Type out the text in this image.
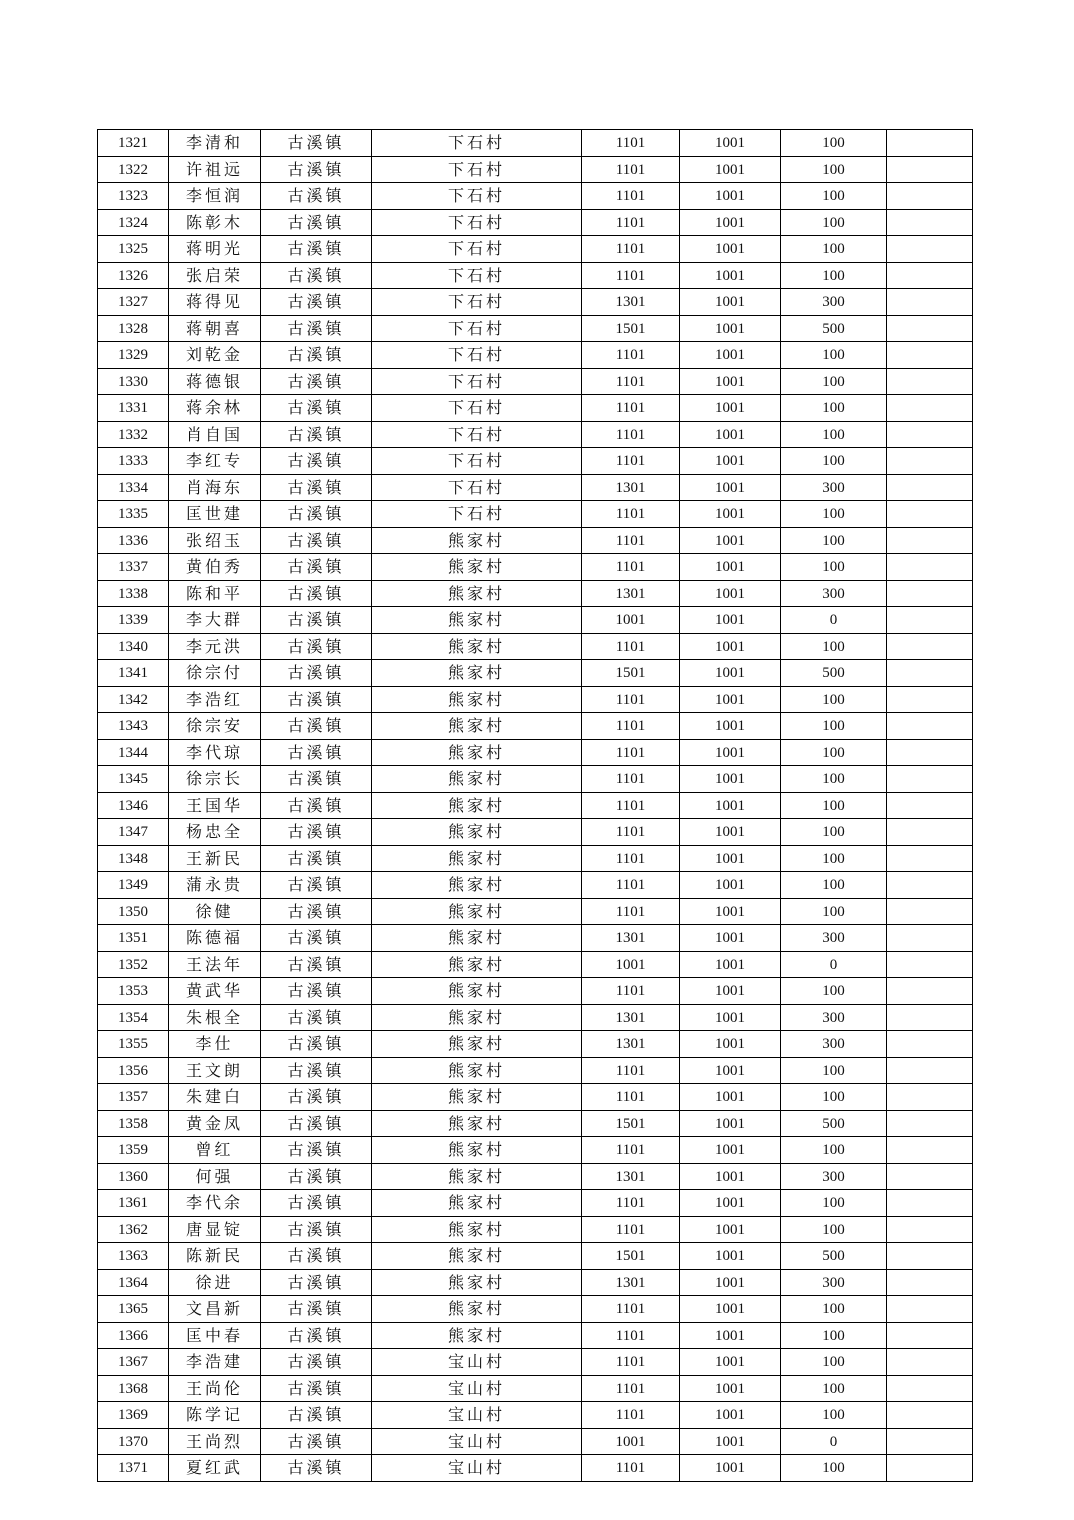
1321	李清和	古溪镇	下石村	1101	1001	100	
1322	许祖远	古溪镇	下石村	1101	1001	100	
1323	李恒润	古溪镇	下石村	1101	1001	100	
1324	陈彰木	古溪镇	下石村	1101	1001	100	
1325	蒋明光	古溪镇	下石村	1101	1001	100	
1326	张启荣	古溪镇	下石村	1101	1001	100	
1327	蒋得见	古溪镇	下石村	1301	1001	300	
1328	蒋朝喜	古溪镇	下石村	1501	1001	500	
1329	刘乾金	古溪镇	下石村	1101	1001	100	
1330	蒋德银	古溪镇	下石村	1101	1001	100	
1331	蒋余林	古溪镇	下石村	1101	1001	100	
1332	肖自国	古溪镇	下石村	1101	1001	100	
1333	李红专	古溪镇	下石村	1101	1001	100	
1334	肖海东	古溪镇	下石村	1301	1001	300	
1335	匡世建	古溪镇	下石村	1101	1001	100	
1336	张绍玉	古溪镇	熊家村	1101	1001	100	
1337	黄伯秀	古溪镇	熊家村	1101	1001	100	
1338	陈和平	古溪镇	熊家村	1301	1001	300	
1339	李大群	古溪镇	熊家村	1001	1001	0	
1340	李元洪	古溪镇	熊家村	1101	1001	100	
1341	徐宗付	古溪镇	熊家村	1501	1001	500	
1342	李浩红	古溪镇	熊家村	1101	1001	100	
1343	徐宗安	古溪镇	熊家村	1101	1001	100	
1344	李代琼	古溪镇	熊家村	1101	1001	100	
1345	徐宗长	古溪镇	熊家村	1101	1001	100	
1346	王国华	古溪镇	熊家村	1101	1001	100	
1347	杨忠全	古溪镇	熊家村	1101	1001	100	
1348	王新民	古溪镇	熊家村	1101	1001	100	
1349	蒲永贵	古溪镇	熊家村	1101	1001	100	
1350	徐健	古溪镇	熊家村	1101	1001	100	
1351	陈德福	古溪镇	熊家村	1301	1001	300	
1352	王法年	古溪镇	熊家村	1001	1001	0	
1353	黄武华	古溪镇	熊家村	1101	1001	100	
1354	朱根全	古溪镇	熊家村	1301	1001	300	
1355	李仕	古溪镇	熊家村	1301	1001	300	
1356	王文朗	古溪镇	熊家村	1101	1001	100	
1357	朱建白	古溪镇	熊家村	1101	1001	100	
1358	黄金凤	古溪镇	熊家村	1501	1001	500	
1359	曾红	古溪镇	熊家村	1101	1001	100	
1360	何强	古溪镇	熊家村	1301	1001	300	
1361	李代余	古溪镇	熊家村	1101	1001	100	
1362	唐显锭	古溪镇	熊家村	1101	1001	100	
1363	陈新民	古溪镇	熊家村	1501	1001	500	
1364	徐进	古溪镇	熊家村	1301	1001	300	
1365	文昌新	古溪镇	熊家村	1101	1001	100	
1366	匡中春	古溪镇	熊家村	1101	1001	100	
1367	李浩建	古溪镇	宝山村	1101	1001	100	
1368	王尚伦	古溪镇	宝山村	1101	1001	100	
1369	陈学记	古溪镇	宝山村	1101	1001	100	
1370	王尚烈	古溪镇	宝山村	1001	1001	0	
1371	夏红武	古溪镇	宝山村	1101	1001	100	
